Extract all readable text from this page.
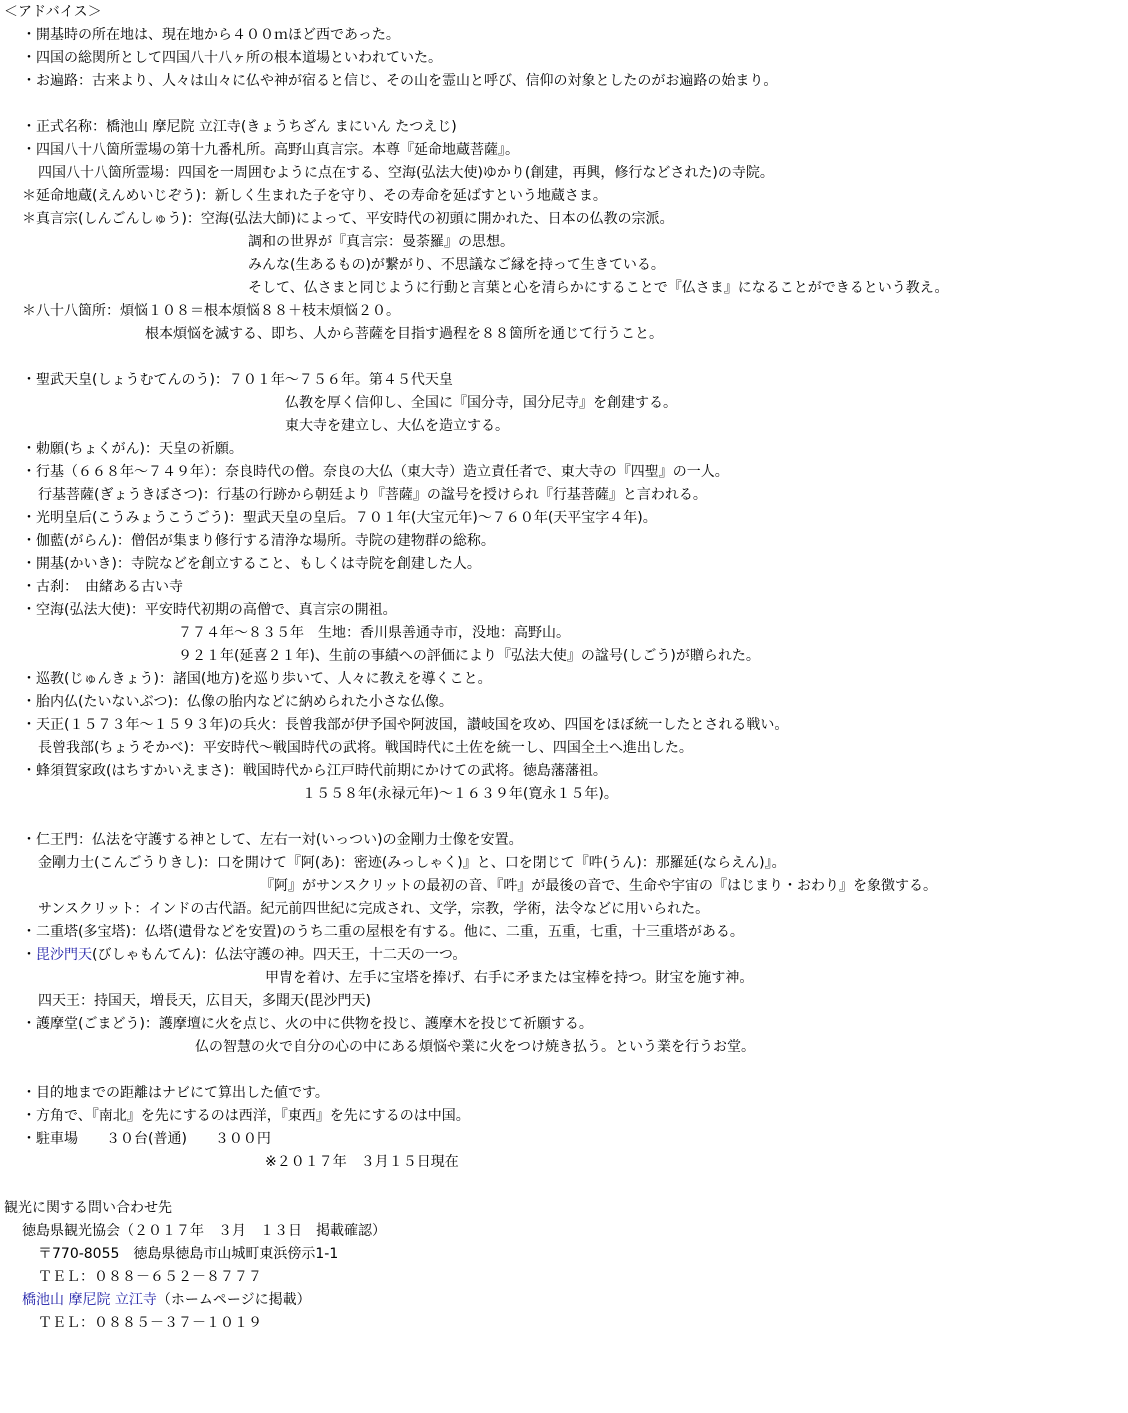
＜アドバイス＞
・開基時の所在地は、現在地から４００ｍほど西であった。
・四国の総関所として四国八十八ヶ所の根本道場といわれていた。
・お遍路：古来より、人々は山々に仏や神が宿ると信じ、その山を霊山と呼び、信仰の対象としたのがお遍路の始まり。
・正式名称：橋池山 摩尼院 立江寺(きょうちざん まにいん たつえじ)
・四国八十八箇所霊場の第十九番札所。高野山真言宗。本尊『延命地蔵菩薩』。
四国八十八箇所霊場：四国を一周囲むように点在する、空海(弘法大使)ゆかり(創建，再興，修行などされた)の寺院。
＊延命地蔵(えんめいじぞう)：新しく生まれた子を守り、その寿命を延ばすという地蔵さま。
＊真言宗(しんごんしゅう)：空海(弘法大師)によって、平安時代の初頭に開かれた、日本の仏教の宗派。
調和の世界が『真言宗：曼荼羅』の思想。
みんな(生あるもの)が繋がり、不思議なご縁を持って生きている。
そして、仏さまと同じように行動と言葉と心を清らかにすることで『仏さま』になることができるという教え。
＊八十八箇所：煩悩１０８＝根本煩悩８８＋枝末煩悩２０。
根本煩悩を滅する、即ち、人から菩薩を目指す過程を８８箇所を通じて行うこと。
・聖武天皇(しょうむてんのう)：７０１年～７５６年。第４５代天皇
仏教を厚く信仰し、全国に『国分寺，国分尼寺』を創建する。
東大寺を建立し、大仏を造立する。
・勅願(ちょくがん)：天皇の祈願。
・行基（６６８年～７４９年）：奈良時代の僧。奈良の大仏（東大寺）造立責任者で、東大寺の『四聖』の一人。
行基菩薩(ぎょうきぼさつ)：行基の行跡から朝廷より『菩薩』の諡号を授けられ『行基菩薩』と言われる。
・光明皇后(こうみょうこうごう)：聖武天皇の皇后。７０１年(大宝元年)～７６０年(天平宝字４年)。
・伽藍(がらん)：僧侶が集まり修行する清浄な場所。寺院の建物群の総称。
・開基(かいき)：寺院などを創立すること、もしくは寺院を創建した人。
・古刹：　由緒ある古い寺
・空海(弘法大使)：平安時代初期の高僧で、真言宗の開祖。
７７４年～８３５年　生地：香川県善通寺市，没地：高野山。
９２１年(延喜２１年)、生前の事績への評価により『弘法大使』の諡号(しごう)が贈られた。
・巡教(じゅんきょう)：諸国(地方)を巡り歩いて、人々に教えを導くこと。
・胎内仏(たいないぶつ)：仏像の胎内などに納められた小さな仏像。
・天正(１５７３年～１５９３年)の兵火：長曾我部が伊予国や阿波国，讃岐国を攻め、四国をほぼ統一したとされる戦い。
長曾我部(ちょうそかべ)：平安時代～戦国時代の武将。戦国時代に土佐を統一し、四国全土へ進出した。
・蜂須賀家政(はちすかいえまさ)：戦国時代から江戸時代前期にかけての武将。徳島藩藩祖。
１５５８年(永禄元年)～１６３９年(寛永１５年)。
・仁王門：仏法を守護する神として、左右一対(いっつい)の金剛力士像を安置。
金剛力士(こんごうりきし)：口を開けて『阿(あ)：密迹(みっしゃく)』と、口を閉じて『吽(うん)：那羅延(ならえん)』。
『阿』がサンスクリットの最初の音、『吽』が最後の音で、生命や宇宙の『はじまり・おわり』を象徴する。
サンスクリット：インドの古代語。紀元前四世紀に完成され、文学，宗教，学術，法令などに用いられた。
・二重塔(多宝塔)：仏塔(遺骨などを安置)のうち二重の屋根を有する。他に、二重，五重，七重，十三重塔がある。
・毘沙門天(びしゃもんてん)：仏法守護の神。四天王，十二天の一つ。
甲冑を着け、左手に宝塔を捧げ、右手に矛または宝棒を持つ。財宝を施す神。
四天王：持国天，増長天，広目天，多聞天(毘沙門天)
・護摩堂(ごまどう)：護摩壇に火を点じ、火の中に供物を投じ、護摩木を投じて祈願する。
仏の智慧の火で自分の心の中にある煩悩や業に火をつけ焼き払う。という業を行うお堂。
・目的地までの距離はナビにて算出した値です。
・方角で、『南北』を先にするのは西洋，『東西』を先にするのは中国。
・駐車場　　３０台(普通)　　３００円
※２０１７年　３月１５日現在
観光に関する問い合わせ先
徳島県観光協会（２０１７年　３月　１３日　掲載確認）
〒770-8055　徳島県徳島市山城町東浜傍示1-1
ＴＥＬ：０８８－６５２－８７７７
橋池山 摩尼院 立江寺（ホームページに掲載）
ＴＥＬ：０８８５－３７－１０１９
